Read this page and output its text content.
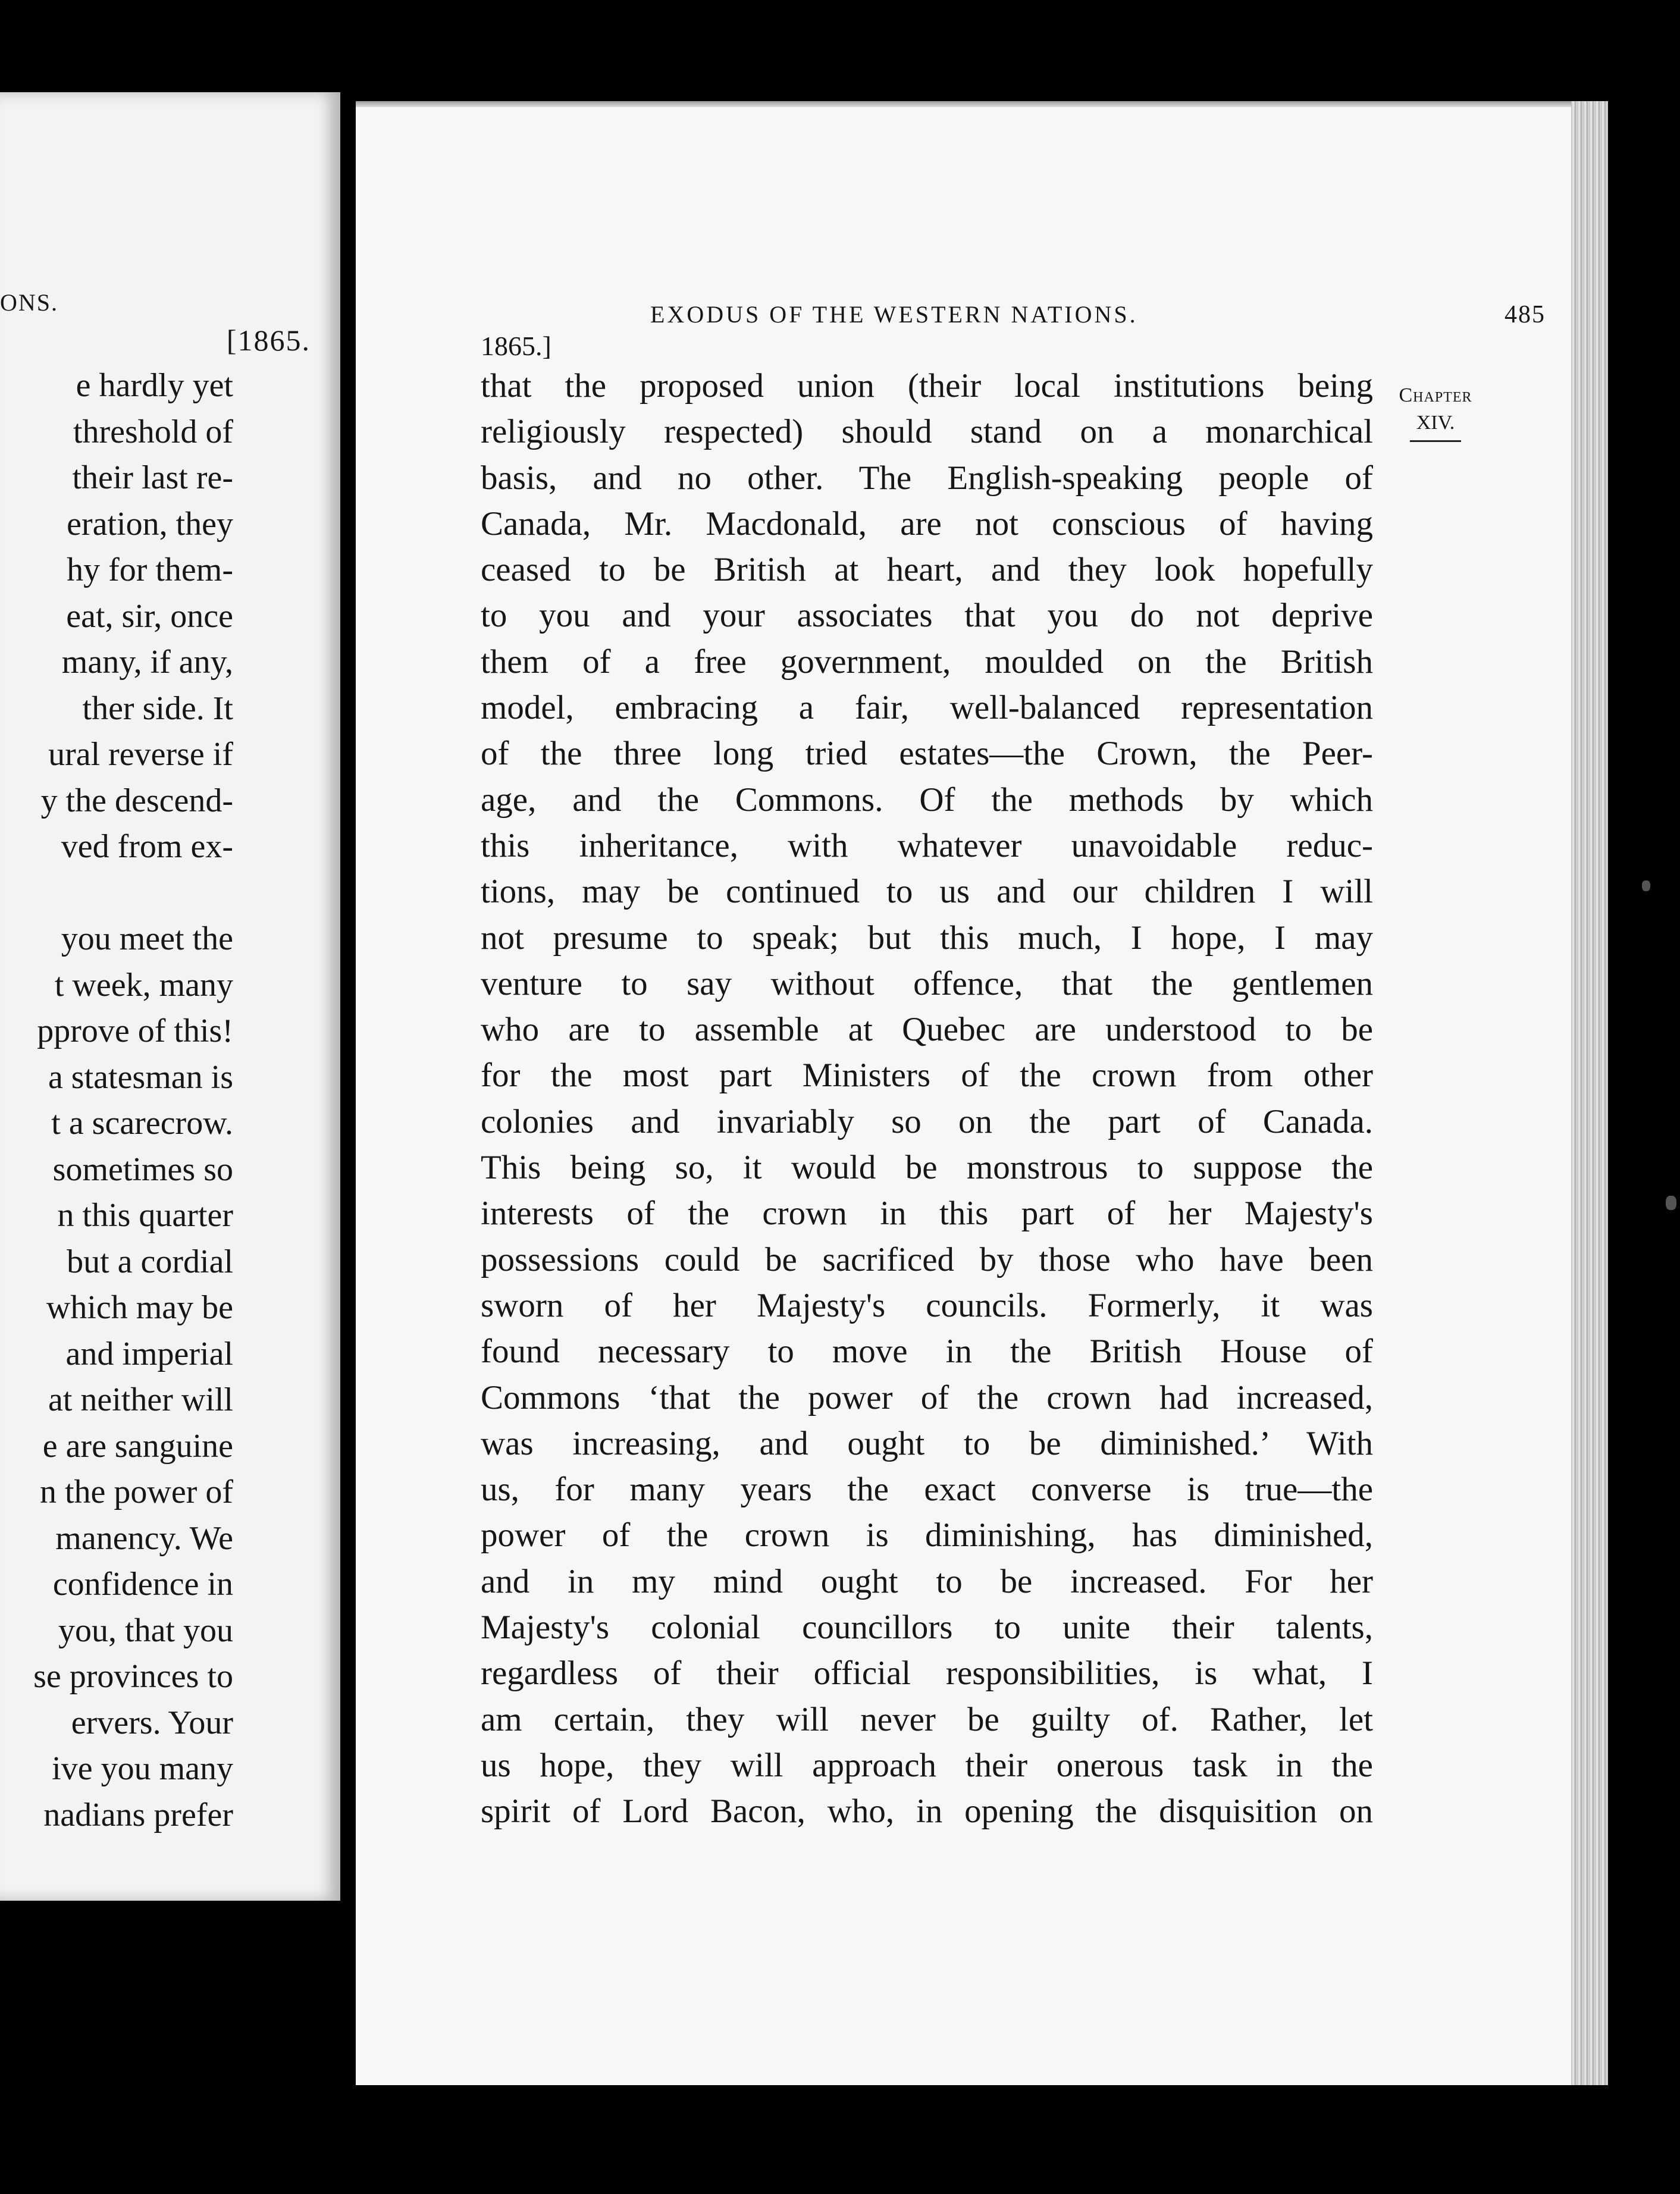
ONS.
[1865.
e hardly yet
threshold of
their last re-
eration, they
hy for them-
eat, sir, once
many, if any,
ther side. It
ural reverse if
y the descend-
ved from ex-
you meet the
t week, many
pprove of this!
a statesman is
t a scarecrow.
sometimes so
n this quarter
but a cordial
which may be
and imperial
at neither will
e are sanguine
n the power of
manency. We
confidence in
you, that you
se provinces to
ervers. Your
ive you many
nadians prefer
EXODUS OF THE WESTERN NATIONS.	485
1865.]
Chapter
XIV.
that the proposed union (their local institutions being
religiously respected) should stand on a monarchical
basis, and no other. The English-speaking people of
Canada, Mr. Macdonald, are not conscious of having
ceased to be British at heart, and they look hopefully
to you and your associates that you do not deprive
them of a free government, moulded on the British
model, embracing a fair, well-balanced representation
of the three long tried estates—the Crown, the Peer-
age, and the Commons. Of the methods by which
this inheritance, with whatever unavoidable reduc-
tions, may be continued to us and our children I will
not presume to speak; but this much, I hope, I may
venture to say without offence, that the gentlemen
who are to assemble at Quebec are understood to be
for the most part Ministers of the crown from other
colonies and invariably so on the part of Canada.
This being so, it would be monstrous to suppose the
interests of the crown in this part of her Majesty's
possessions could be sacrificed by those who have been
sworn of her Majesty's councils. Formerly, it was
found necessary to move in the British House of
Commons ‘that the power of the crown had increased,
was increasing, and ought to be diminished.’ With
us, for many years the exact converse is true—the
power of the crown is diminishing, has diminished,
and in my mind ought to be increased. For her
Majesty's colonial councillors to unite their talents,
regardless of their official responsibilities, is what, I
am certain, they will never be guilty of. Rather, let
us hope, they will approach their onerous task in the
spirit of Lord Bacon, who, in opening the disquisition on
